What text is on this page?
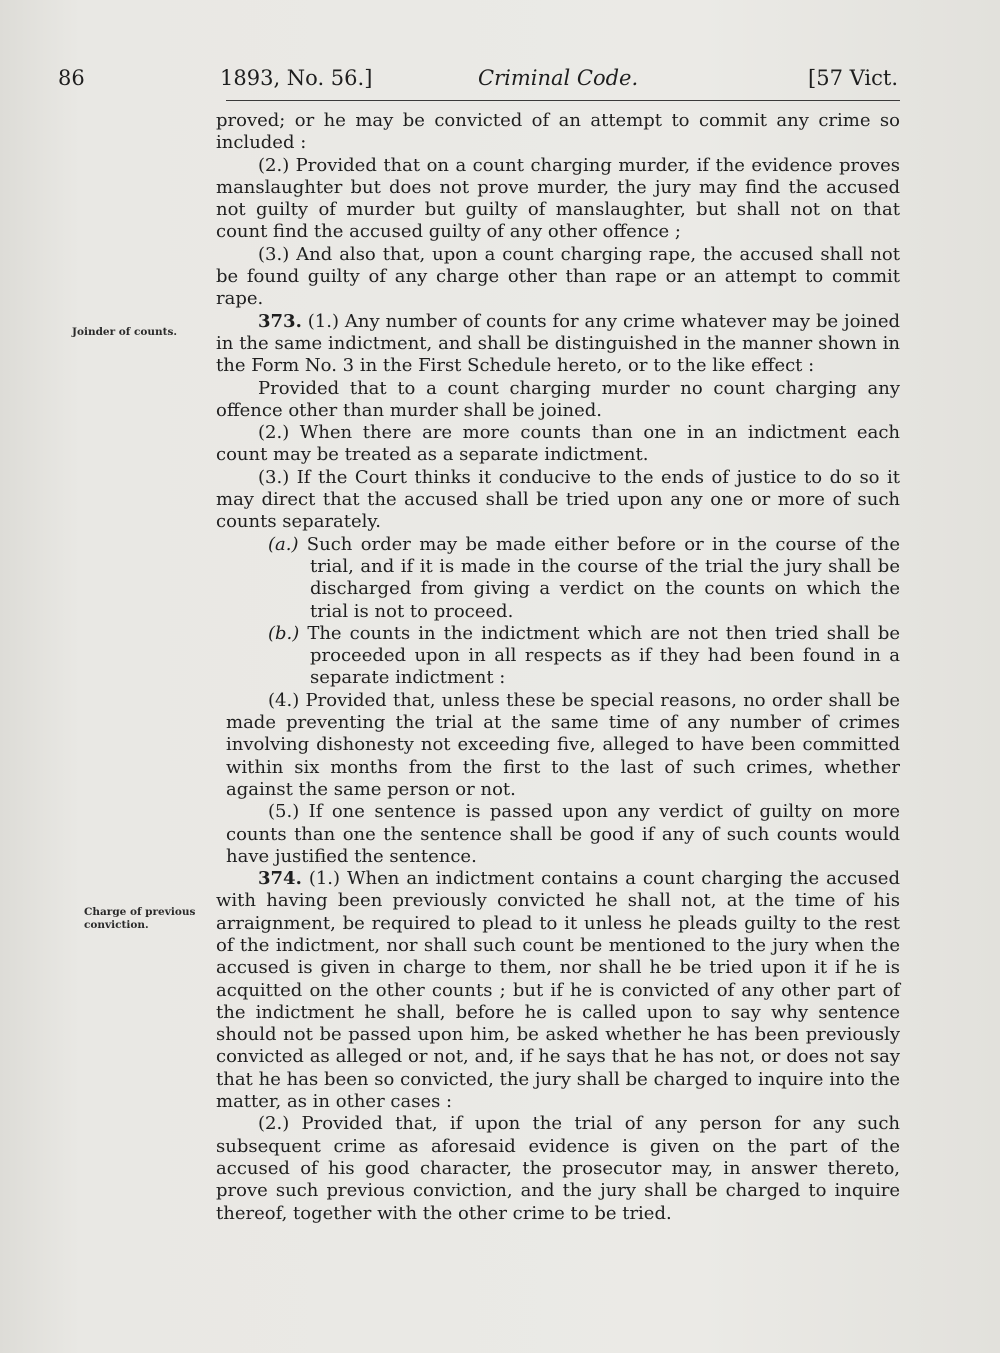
86	1893, No. 56.]	Criminal Code.	[57 Vict.
Joinder of counts.
Charge of previous
conviction.

proved; or he may be convicted of an attempt to commit any crime so included :

(2.) Provided that on a count charging murder, if the evidence proves manslaughter but does not prove murder, the jury may find the accused not guilty of murder but guilty of manslaughter, but shall not on that count find the accused guilty of any other offence ;

(3.) And also that, upon a count charging rape, the accused shall not be found guilty of any charge other than rape or an attempt to commit rape.

373. (1.) Any number of counts for any crime whatever may be joined in the same indictment, and shall be distinguished in the manner shown in the Form No. 3 in the First Schedule hereto, or to the like effect :

Provided that to a count charging murder no count charging any offence other than murder shall be joined.

(2.) When there are more counts than one in an indictment each count may be treated as a separate indictment.

(3.) If the Court thinks it conducive to the ends of justice to do so it may direct that the accused shall be tried upon any one or more of such counts separately.

(a.) Such order may be made either before or in the course of the trial, and if it is made in the course of the trial the jury shall be discharged from giving a verdict on the counts on which the trial is not to proceed.

(b.) The counts in the indictment which are not then tried shall be proceeded upon in all respects as if they had been found in a separate indictment :

(4.) Provided that, unless these be special reasons, no order shall be made preventing the trial at the same time of any number of crimes involving dishonesty not exceeding five, alleged to have been committed within six months from the first to the last of such crimes, whether against the same person or not.

(5.) If one sentence is passed upon any verdict of guilty on more counts than one the sentence shall be good if any of such counts would have justified the sentence.

374. (1.) When an indictment contains a count charging the accused with having been previously convicted he shall not, at the time of his arraignment, be required to plead to it unless he pleads guilty to the rest of the indictment, nor shall such count be mentioned to the jury when the accused is given in charge to them, nor shall he be tried upon it if he is acquitted on the other counts ; but if he is convicted of any other part of the indictment he shall, before he is called upon to say why sentence should not be passed upon him, be asked whether he has been previously convicted as alleged or not, and, if he says that he has not, or does not say that he has been so convicted, the jury shall be charged to inquire into the matter, as in other cases :

(2.) Provided that, if upon the trial of any person for any such subsequent crime as aforesaid evidence is given on the part of the accused of his good character, the prosecutor may, in answer thereto, prove such previous conviction, and the jury shall be charged to inquire thereof, together with the other crime to be tried.
